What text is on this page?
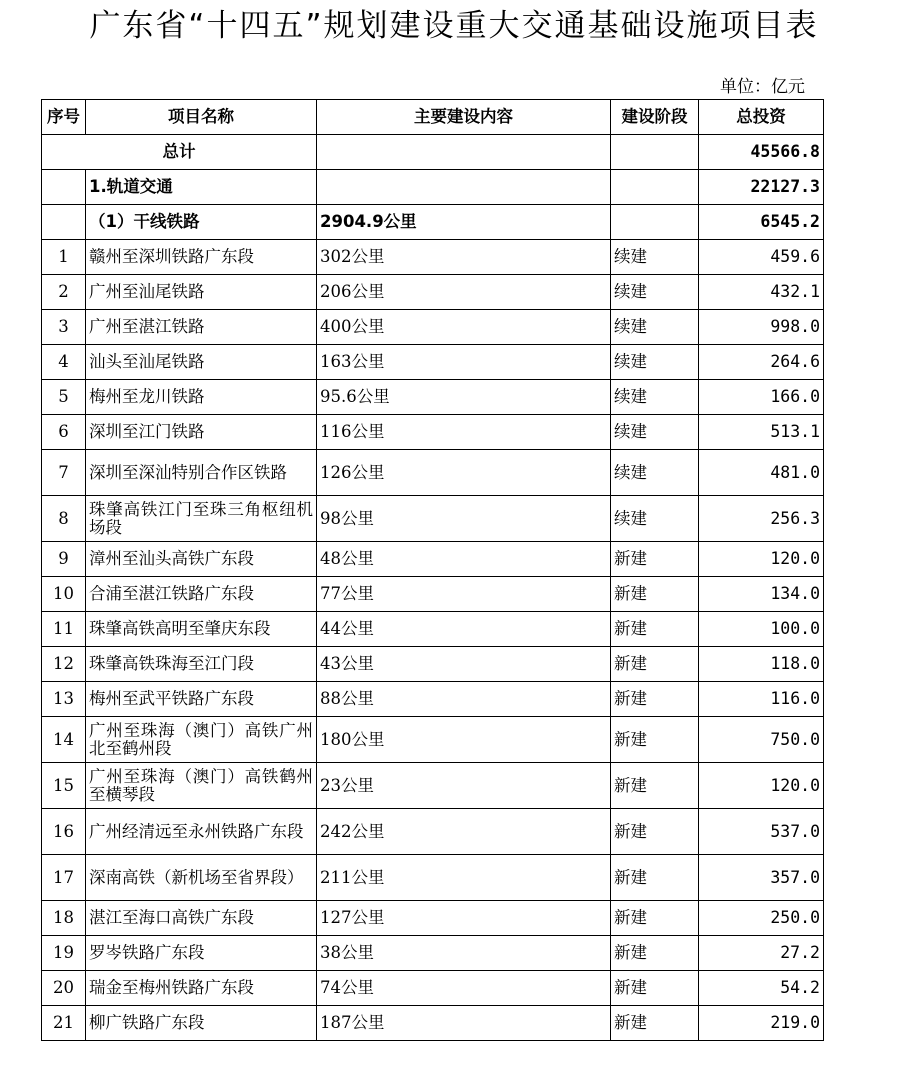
广东省“十四五”规划建设重大交通基础设施项目表
单位：亿元
序号	项目名称	主要建设内容	建设阶段	总投资
总计				45566.8
	1.轨道交通			22127.3
	（1）干线铁路	2904.9公里		6545.2
1	赣州至深圳铁路广东段	302公里	续建	459.6
2	广州至汕尾铁路	206公里	续建	432.1
3	广州至湛江铁路	400公里	续建	998.0
4	汕头至汕尾铁路	163公里	续建	264.6
5	梅州至龙川铁路	95.6公里	续建	166.0
6	深圳至江门铁路	116公里	续建	513.1
7	深圳至深汕特别合作区铁路	126公里	续建	481.0
8	珠肇高铁江门至珠三角枢纽机场段	98公里	续建	256.3
9	漳州至汕头高铁广东段	48公里	新建	120.0
10	合浦至湛江铁路广东段	77公里	新建	134.0
11	珠肇高铁高明至肇庆东段	44公里	新建	100.0
12	珠肇高铁珠海至江门段	43公里	新建	118.0
13	梅州至武平铁路广东段	88公里	新建	116.0
14	广州至珠海（澳门）高铁广州北至鹤州段	180公里	新建	750.0
15	广州至珠海（澳门）高铁鹤州至横琴段	23公里	新建	120.0
16	广州经清远至永州铁路广东段	242公里	新建	537.0
17	深南高铁（新机场至省界段）	211公里	新建	357.0
18	湛江至海口高铁广东段	127公里	新建	250.0
19	罗岑铁路广东段	38公里	新建	27.2
20	瑞金至梅州铁路广东段	74公里	新建	54.2
21	柳广铁路广东段	187公里	新建	219.0
